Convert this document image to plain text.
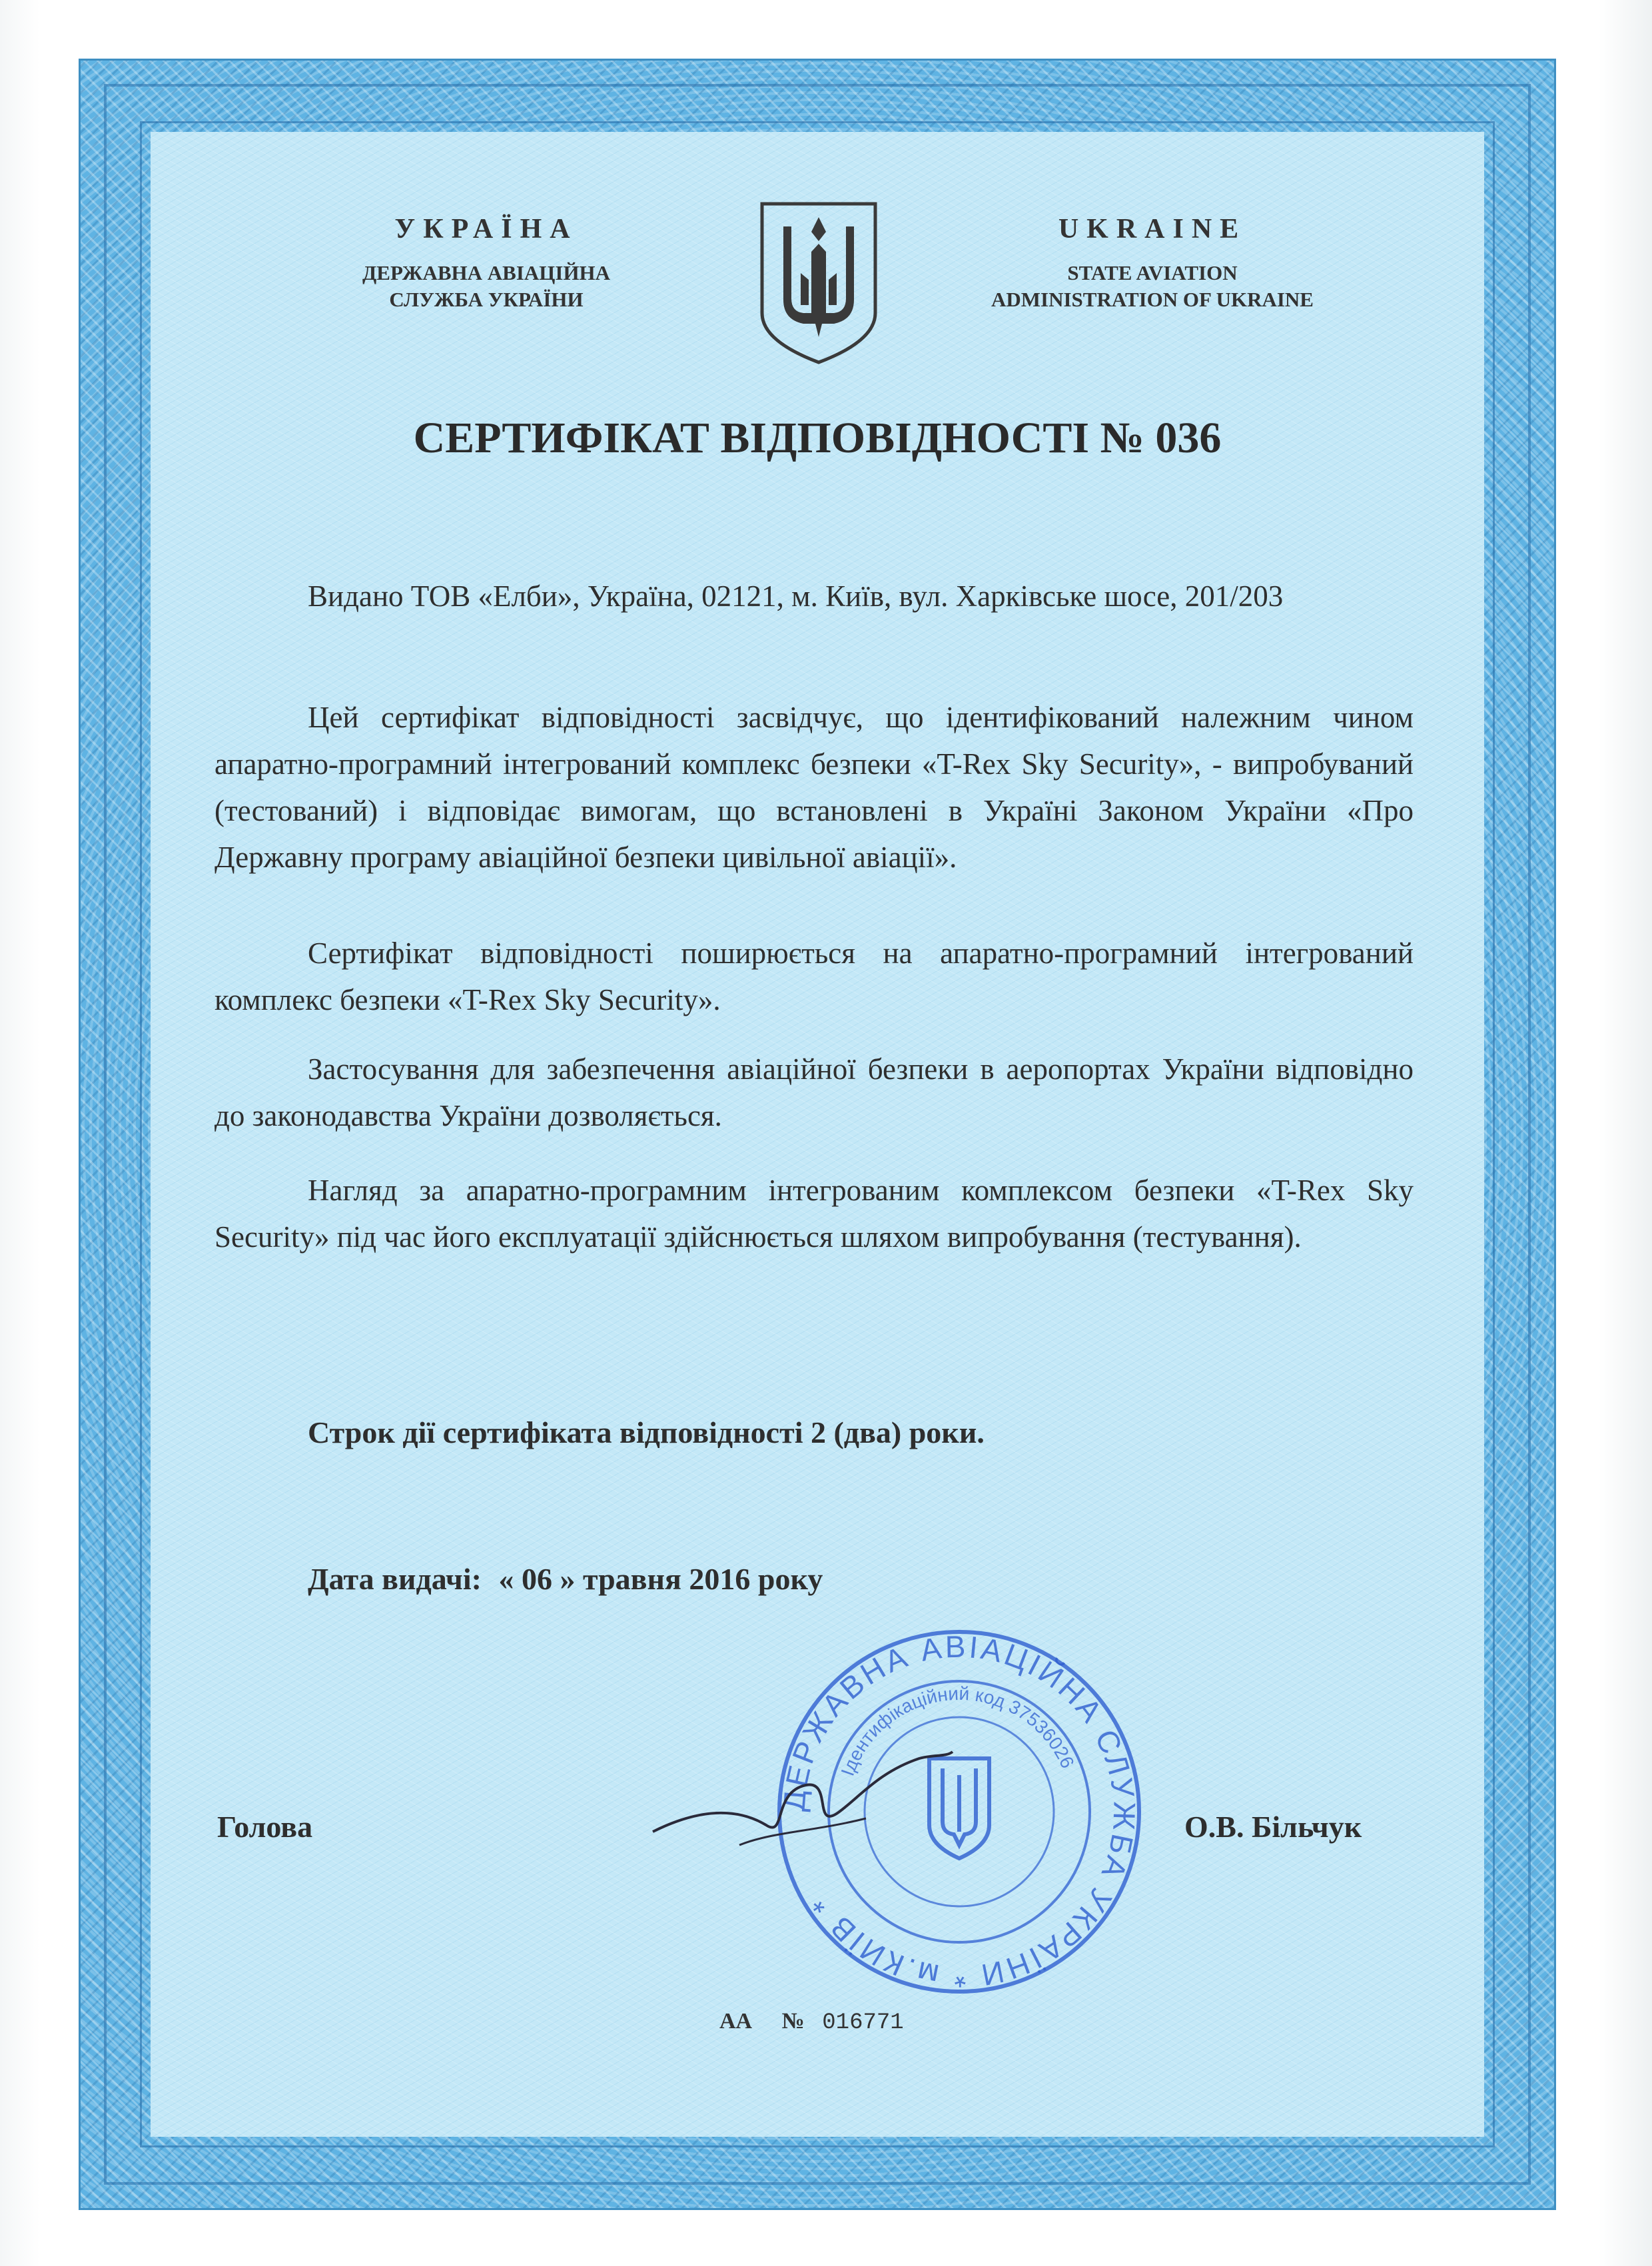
УКРАЇНА
ДЕРЖАВНА АВІАЦІЙНА
СЛУЖБА УКРАЇНИ
UKRAINE
STATE AVIATION
ADMINISTRATION OF UKRAINE
СЕРТИФІКАТ ВІДПОВІДНОСТІ № 036

Видано ТОВ «Елби», Україна, 02121, м. Київ, вул. Харківське шосе, 201/203

Цей сертифікат відповідності засвідчує, що ідентифікований належним чином апаратно-програмний інтегрований комплекс безпеки «T-Rex Sky Security», - випробуваний (тестований) і відповідає вимогам, що встановлені в Україні Законом України «Про Державну програму авіаційної безпеки цивільної авіації».

Сертифікат відповідності поширюється на апаратно-програмний інтегрований комплекс безпеки «T-Rex Sky Security».

Застосування для забезпечення авіаційної безпеки в аеропортах України відповідно до законодавства України дозволяється.

Нагляд за апаратно-програмним інтегрованим комплексом безпеки «T-Rex Sky Security» під час його експлуатації здійснюється шляхом випробування (тестування).

Строк дії сертифіката відповідності 2 (два) роки.

Дата видачі: « 06 » травня 2016 року

ДЕРЖАВНА АВІАЦІЙНА СЛУЖБА УКРАЇНИ * м.КИЇВ *
Ідентифікаційний код 37536026
Голова	О.В. Більчук
АА № 016771
